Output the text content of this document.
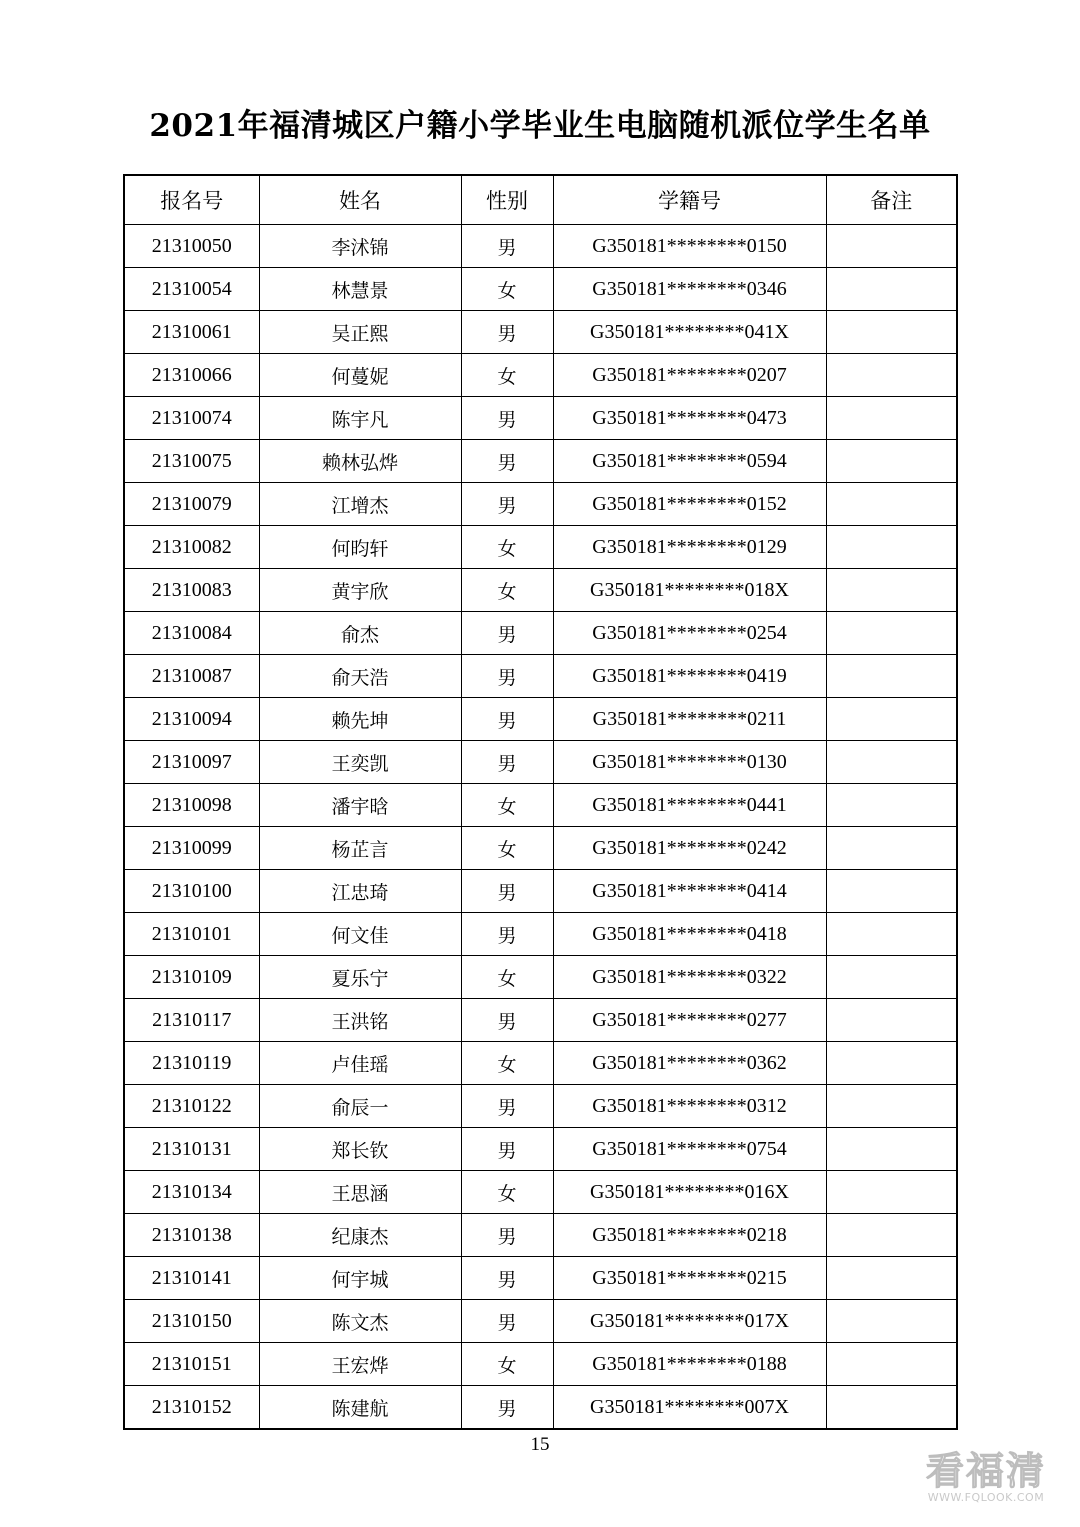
2021年福清城区户籍小学毕业生电脑随机派位学生名单
报名号	姓名	性别	学籍号	备注
21310050	李沭锦	男	G350181********0150	
21310054	林慧景	女	G350181********0346	
21310061	吴正熙	男	G350181********041X	
21310066	何蔓妮	女	G350181********0207	
21310074	陈宇凡	男	G350181********0473	
21310075	赖林弘烨	男	G350181********0594	
21310079	江增杰	男	G350181********0152	
21310082	何昀轩	女	G350181********0129	
21310083	黄宇欣	女	G350181********018X	
21310084	俞杰	男	G350181********0254	
21310087	俞天浩	男	G350181********0419	
21310094	赖先坤	男	G350181********0211	
21310097	王奕凯	男	G350181********0130	
21310098	潘宇晗	女	G350181********0441	
21310099	杨芷言	女	G350181********0242	
21310100	江忠琦	男	G350181********0414	
21310101	何文佳	男	G350181********0418	
21310109	夏乐宁	女	G350181********0322	
21310117	王洪铭	男	G350181********0277	
21310119	卢佳瑶	女	G350181********0362	
21310122	俞辰一	男	G350181********0312	
21310131	郑长钦	男	G350181********0754	
21310134	王思涵	女	G350181********016X	
21310138	纪康杰	男	G350181********0218	
21310141	何宇城	男	G350181********0215	
21310150	陈文杰	男	G350181********017X	
21310151	王宏烨	女	G350181********0188	
21310152	陈建航	男	G350181********007X	
15
看福清
WWW.FQLOOK.COM
